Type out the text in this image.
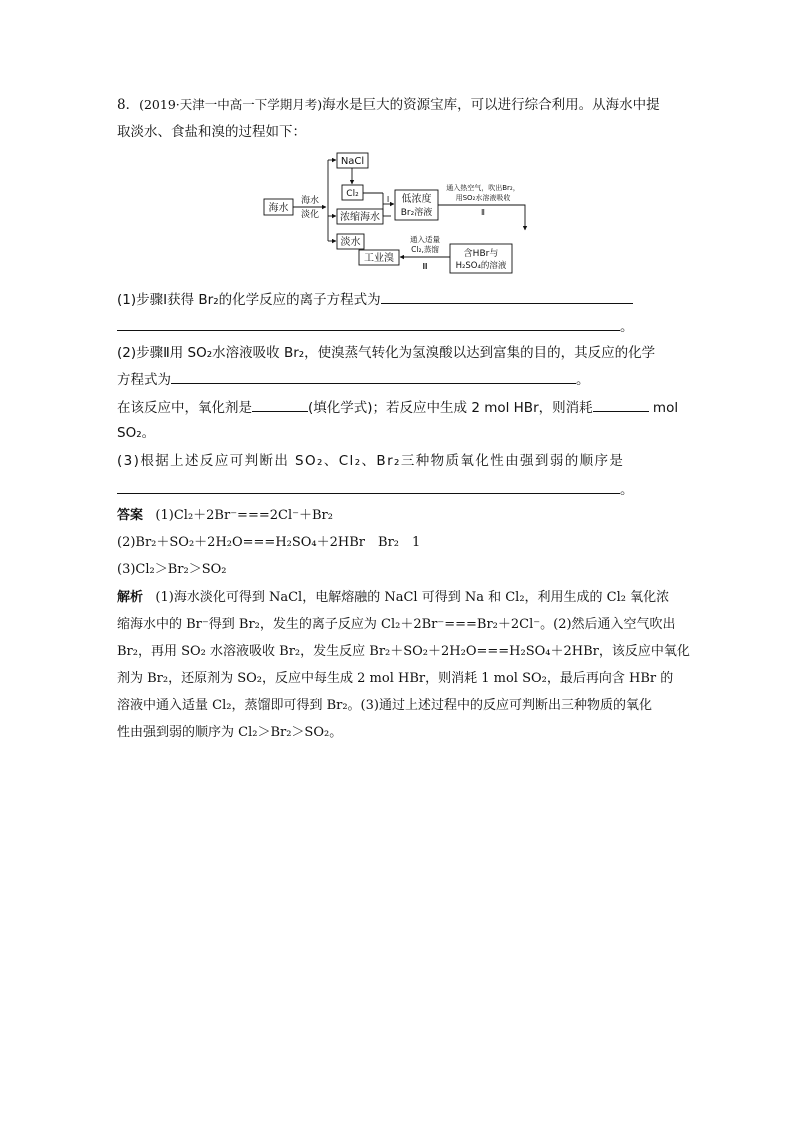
8．(2019·天津一中高一下学期月考)海水是巨大的资源宝库，可以进行综合利用。从海水中提
取淡水、食盐和溴的过程如下：
海水
海水
淡化
NaCl
Cl₂
浓缩海水
Ⅰ 低浓度
Br₂溶液
通入热空气，吹出Br₂，
用SO₂水溶液吸收
Ⅱ
淡水
含HBr与
H₂SO₄的溶液
通入适量
Cl₂,蒸馏
Ⅲ
工业溴
(1)步骤Ⅰ获得 Br₂的化学反应的离子方程式为
。
(2)步骤Ⅱ用 SO₂水溶液吸收 Br₂，使溴蒸气转化为氢溴酸以达到富集的目的，其反应的化学
方程式为	。
在该反应中，氧化剂是	(填化学式)；若反应中生成 2 mol HBr，则消耗	mol
SO₂。
(3)根据上述反应可判断出 SO₂、Cl₂、Br₂三种物质氧化性由强到弱的顺序是
。
答案 (1)Cl₂＋2Br⁻===2Cl⁻＋Br₂
(2)Br₂＋SO₂＋2H₂O===H₂SO₄＋2HBr　Br₂　1
(3)Cl₂＞Br₂＞SO₂
解析 (1)海水淡化可得到 NaCl，电解熔融的 NaCl 可得到 Na 和 Cl₂，利用生成的 Cl₂ 氧化浓
缩海水中的 Br⁻得到 Br₂，发生的离子反应为 Cl₂＋2Br⁻===Br₂＋2Cl⁻。(2)然后通入空气吹出
Br₂，再用 SO₂ 水溶液吸收 Br₂，发生反应 Br₂＋SO₂＋2H₂O===H₂SO₄＋2HBr，该反应中氧化
剂为 Br₂，还原剂为 SO₂，反应中每生成 2 mol HBr，则消耗 1 mol SO₂，最后再向含 HBr 的
溶液中通入适量 Cl₂，蒸馏即可得到 Br₂。(3)通过上述过程中的反应可判断出三种物质的氧化
性由强到弱的顺序为 Cl₂＞Br₂＞SO₂。
